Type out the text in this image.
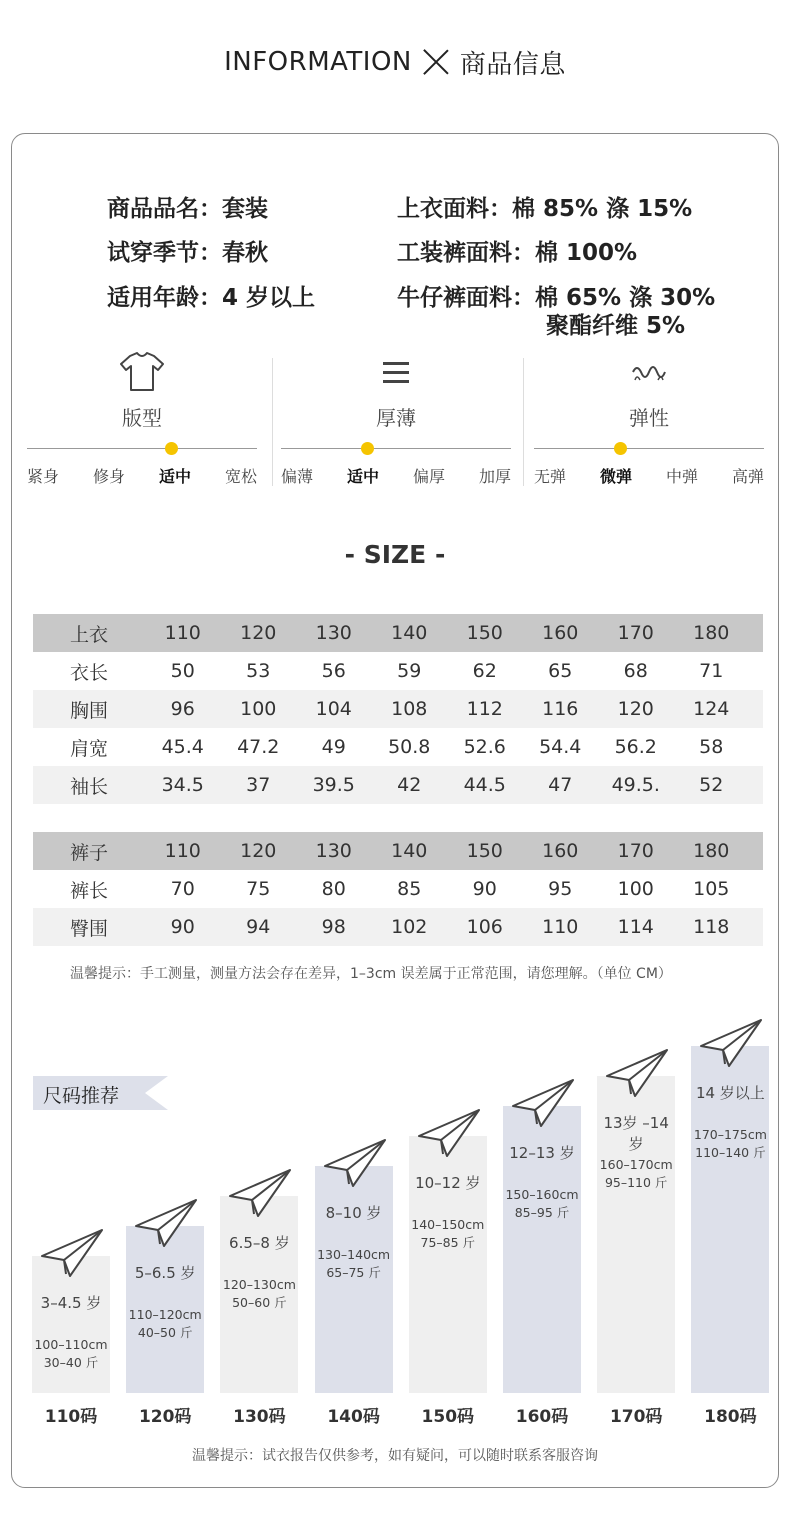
INFORMATION 商品信息
商品品名：套装
试穿季节：春秋
适用年龄：4 岁以上
上衣面料：棉 85% 涤 15%
工装裤面料：棉 100%
牛仔裤面料：棉 65% 涤 30%
聚酯纤维 5%
版型
紧身 修身 适中 宽松
厚薄
偏薄 适中 偏厚 加厚
弹性
无弹 微弹 中弹 高弹
- SIZE -
上衣	110	120	130	140	150	160	170	180
衣长	50	53	56	59	62	65	68	71
胸围	96	100	104	108	112	116	120	124
肩宽	45.4	47.2	49	50.8	52.6	54.4	56.2	58
袖长	34.5	37	39.5	42	44.5	47	49.5.	52
裤子	110	120	130	140	150	160	170	180
裤长	70	75	80	85	90	95	100	105
臀围	90	94	98	102	106	110	114	118
温馨提示：手工测量，测量方法会存在差异，1–3cm 误差属于正常范围，请您理解。（单位 CM）
尺码推荐
3–4.5 岁
100–110cm
30–40 斤
110码
5–6.5 岁
110–120cm
40–50 斤
120码
6.5–8 岁
120–130cm
50–60 斤
130码
8–10 岁
130–140cm
65–75 斤
140码
10–12 岁
140–150cm
75–85 斤
150码
12–13 岁
150–160cm
85–95 斤
160码
13岁 –14 岁
160–170cm
95–110 斤
170码
14 岁以上
170–175cm
110–140 斤
180码
温馨提示：试衣报告仅供参考，如有疑问，可以随时联系客服咨询
